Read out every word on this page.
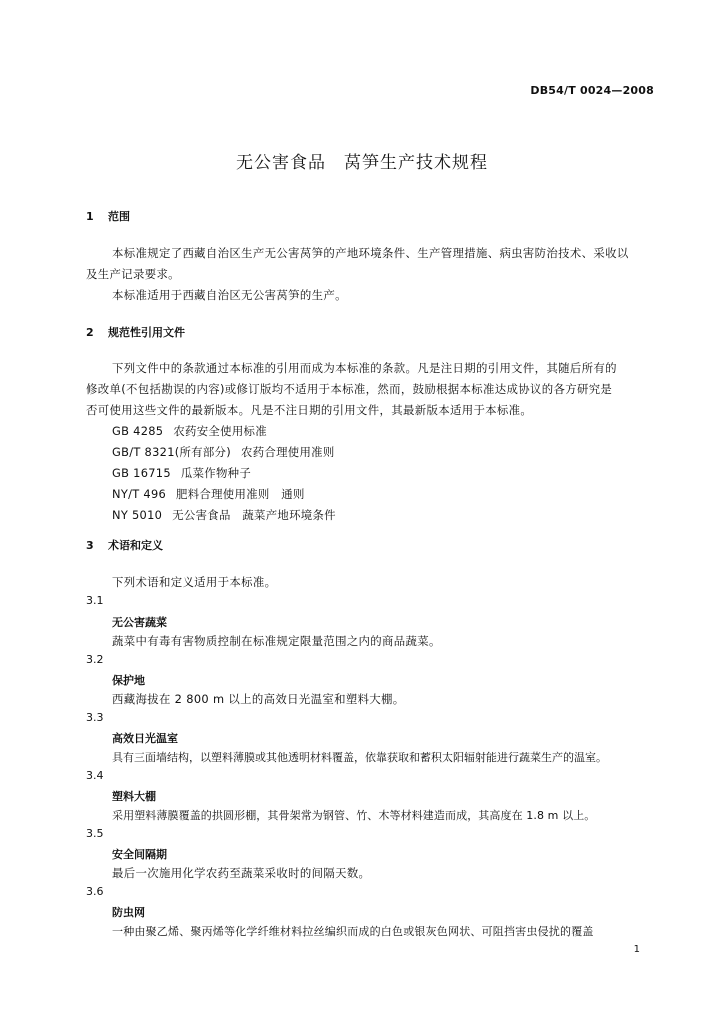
DB54/T 0024—2008
无公害食品　莴笋生产技术规程
1 范围
本标准规定了西藏自治区生产无公害莴笋的产地环境条件、生产管理措施、病虫害防治技术、采收以
及生产记录要求。
本标准适用于西藏自治区无公害莴笋的生产。
2 规范性引用文件
下列文件中的条款通过本标准的引用而成为本标准的条款。凡是注日期的引用文件，其随后所有的
修改单(不包括勘误的内容)或修订版均不适用于本标准，然而，鼓励根据本标准达成协议的各方研究是
否可使用这些文件的最新版本。凡是不注日期的引用文件，其最新版本适用于本标准。
GB 4285 农药安全使用标准
GB/T 8321(所有部分) 农药合理使用准则
GB 16715 瓜菜作物种子
NY/T 496 肥料合理使用准则　通则
NY 5010 无公害食品　蔬菜产地环境条件
3 术语和定义
下列术语和定义适用于本标准。
3.1
无公害蔬菜
蔬菜中有毒有害物质控制在标准规定限量范围之内的商品蔬菜。
3.2
保护地
西藏海拔在 2 800 m 以上的高效日光温室和塑料大棚。
3.3
高效日光温室
具有三面墙结构，以塑料薄膜或其他透明材料覆盖，依靠获取和蓄积太阳辐射能进行蔬菜生产的温室。
3.4
塑料大棚
采用塑料薄膜覆盖的拱圆形棚，其骨架常为钢管、竹、木等材料建造而成，其高度在 1.8 m 以上。
3.5
安全间隔期
最后一次施用化学农药至蔬菜采收时的间隔天数。
3.6
防虫网
一种由聚乙烯、聚丙烯等化学纤维材料拉丝编织而成的白色或银灰色网状、可阻挡害虫侵扰的覆盖
1
